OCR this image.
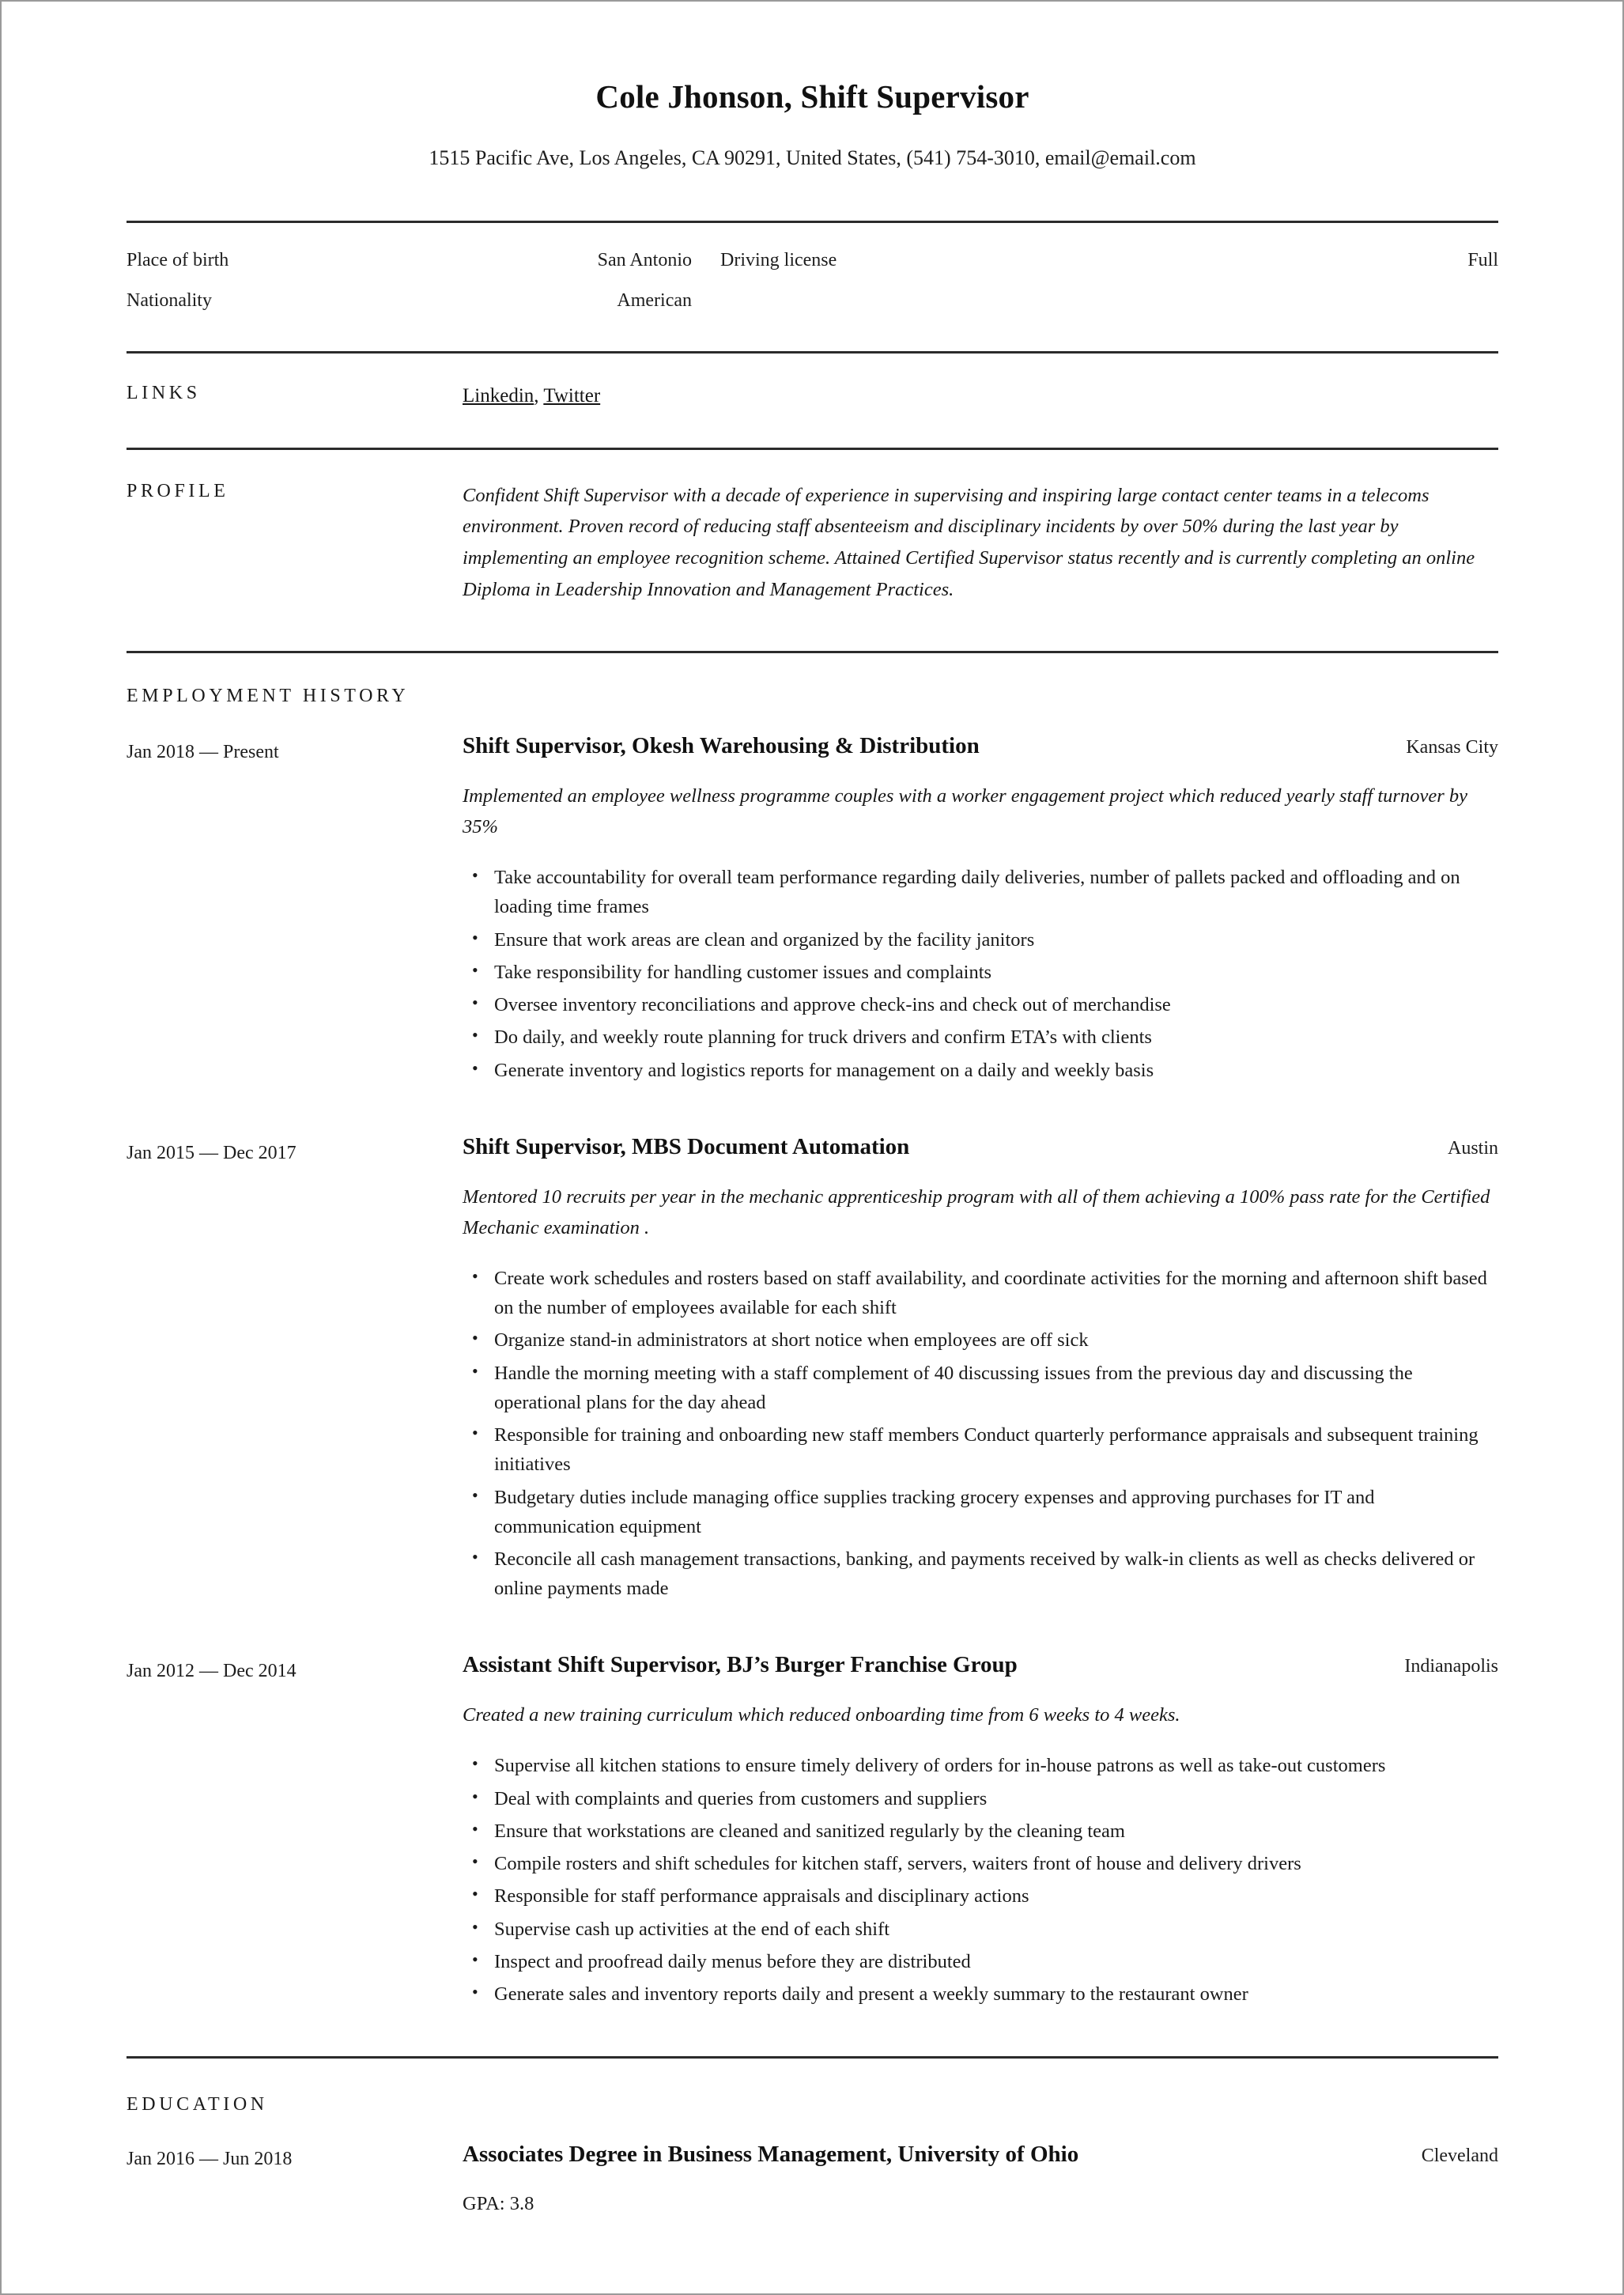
Cole Jhonson, Shift Supervisor
1515 Pacific Ave, Los Angeles, CA 90291, United States, (541) 754-3010, email@email.com
Place of birth	San Antonio Driving license	Full
Nationality	American
LINKS	Linkedin, Twitter
PROFILE	Confident Shift Supervisor with a decade of experience in supervising and inspiring large contact center teams in a telecoms environment. Proven record of reducing staff absenteeism and disciplinary incidents by over 50% during the last year by implementing an employee recognition scheme. Attained Certified Supervisor status recently and is currently completing an online Diploma in Leadership Innovation and Management Practices.
EMPLOYMENT HISTORY
Jan 2018 — Present	Shift Supervisor, Okesh Warehousing & Distribution	Kansas City
Implemented an employee wellness programme couples with a worker engagement project which reduced yearly staff turnover by 35%
• Take accountability for overall team performance regarding daily deliveries, number of pallets packed and offloading and on loading time frames
• Ensure that work areas are clean and organized by the facility janitors
• Take responsibility for handling customer issues and complaints
• Oversee inventory reconciliations and approve check-ins and check out of merchandise
• Do daily, and weekly route planning for truck drivers and confirm ETA’s with clients
• Generate inventory and logistics reports for management on a daily and weekly basis
Jan 2015 — Dec 2017	Shift Supervisor, MBS Document Automation	Austin
Mentored 10 recruits per year in the mechanic apprenticeship program with all of them achieving a 100% pass rate for the Certified Mechanic examination .
• Create work schedules and rosters based on staff availability, and coordinate activities for the morning and afternoon shift based on the number of employees available for each shift
• Organize stand-in administrators at short notice when employees are off sick
• Handle the morning meeting with a staff complement of 40 discussing issues from the previous day and discussing the operational plans for the day ahead
• Responsible for training and onboarding new staff members Conduct quarterly performance appraisals and subsequent training initiatives
• Budgetary duties include managing office supplies tracking grocery expenses and approving purchases for IT and communication equipment
• Reconcile all cash management transactions, banking, and payments received by walk-in clients as well as checks delivered or online payments made
Jan 2012 — Dec 2014	Assistant Shift Supervisor, BJ’s Burger Franchise Group	Indianapolis
Created a new training curriculum which reduced onboarding time from 6 weeks to 4 weeks.
• Supervise all kitchen stations to ensure timely delivery of orders for in-house patrons as well as take-out customers
• Deal with complaints and queries from customers and suppliers
• Ensure that workstations are cleaned and sanitized regularly by the cleaning team
• Compile rosters and shift schedules for kitchen staff, servers, waiters front of house and delivery drivers
• Responsible for staff performance appraisals and disciplinary actions
• Supervise cash up activities at the end of each shift
• Inspect and proofread daily menus before they are distributed
• Generate sales and inventory reports daily and present a weekly summary to the restaurant owner
EDUCATION
Jan 2016 — Jun 2018	Associates Degree in Business Management, University of Ohio	Cleveland
GPA: 3.8
